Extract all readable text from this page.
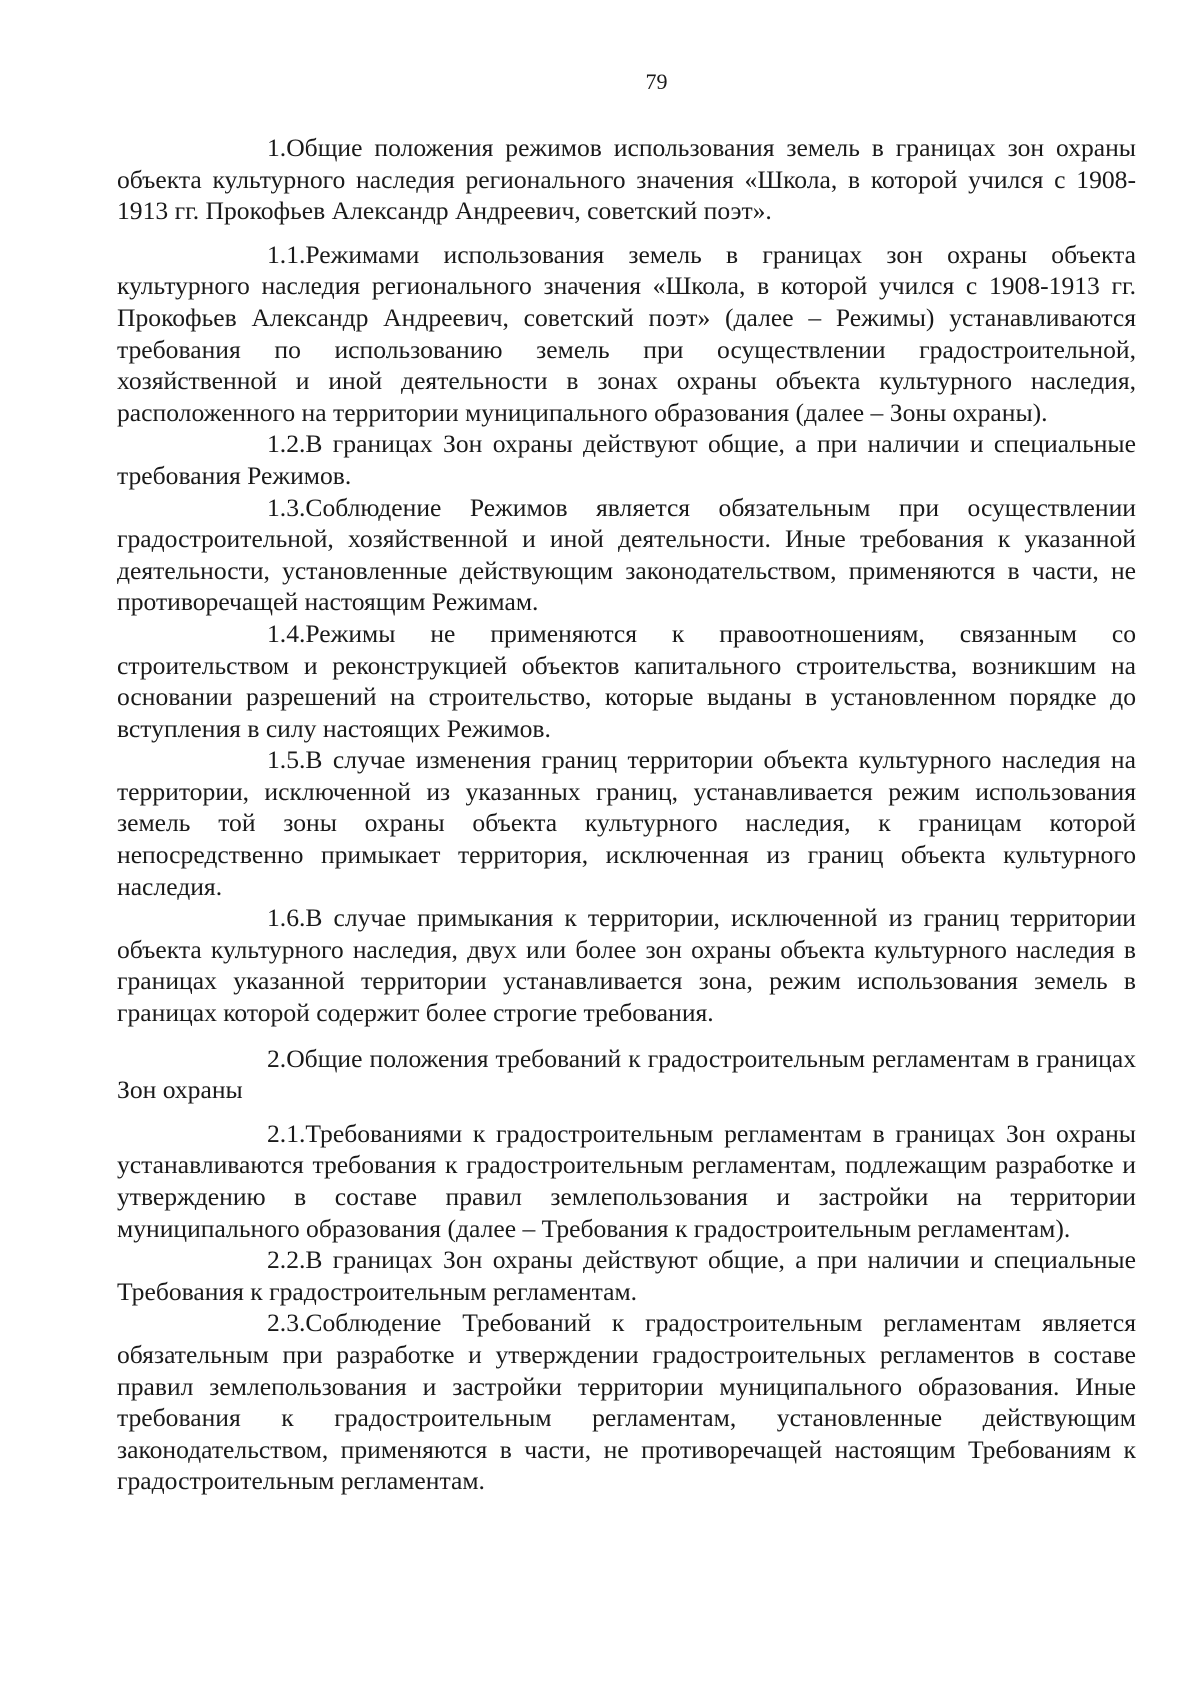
79

1.Общие положения режимов использования земель в границах зон охраны объекта культурного наследия регионального значения «Школа, в которой учился с 1908-1913 гг. Прокофьев Александр Андреевич, советский поэт».

1.1.Режимами использования земель в границах зон охраны объекта культурного наследия регионального значения «Школа, в которой учился с 1908-1913 гг. Прокофьев Александр Андреевич, советский поэт» (далее – Режимы) устанавливаются требования по использованию земель при осуществлении градостроительной, хозяйственной и иной деятельности в зонах охраны объекта культурного наследия, расположенного на территории муниципального образования (далее – Зоны охраны).

1.2.В границах Зон охраны действуют общие, а при наличии и специальные требования Режимов.

1.3.Соблюдение Режимов является обязательным при осуществлении градостроительной, хозяйственной и иной деятельности. Иные требования к указанной деятельности, установленные действующим законодательством, применяются в части, не противоречащей настоящим Режимам.

1.4.Режимы не применяются к правоотношениям, связанным со строительством и реконструкцией объектов капитального строительства, возникшим на основании разрешений на строительство, которые выданы в установленном порядке до вступления в силу настоящих Режимов.

1.5.В случае изменения границ территории объекта культурного наследия на территории, исключенной из указанных границ, устанавливается режим использования земель той зоны охраны объекта культурного наследия, к границам которой непосредственно примыкает территория, исключенная из границ объекта культурного наследия.

1.6.В случае примыкания к территории, исключенной из границ территории объекта культурного наследия, двух или более зон охраны объекта культурного наследия в границах указанной территории устанавливается зона, режим использования земель в границах которой содержит более строгие требования.

2.Общие положения требований к градостроительным регламентам в границах Зон охраны

2.1.Требованиями к градостроительным регламентам в границах Зон охраны устанавливаются требования к градостроительным регламентам, подлежащим разработке и утверждению в составе правил землепользования и застройки на территории муниципального образования (далее – Требования к градостроительным регламентам).

2.2.В границах Зон охраны действуют общие, а при наличии и специальные Требования к градостроительным регламентам.

2.3.Соблюдение Требований к градостроительным регламентам является обязательным при разработке и утверждении градостроительных регламентов в составе правил землепользования и застройки территории муниципального образования. Иные требования к градостроительным регламентам, установленные действующим законодательством, применяются в части, не противоречащей настоящим Требованиям к градостроительным регламентам.
